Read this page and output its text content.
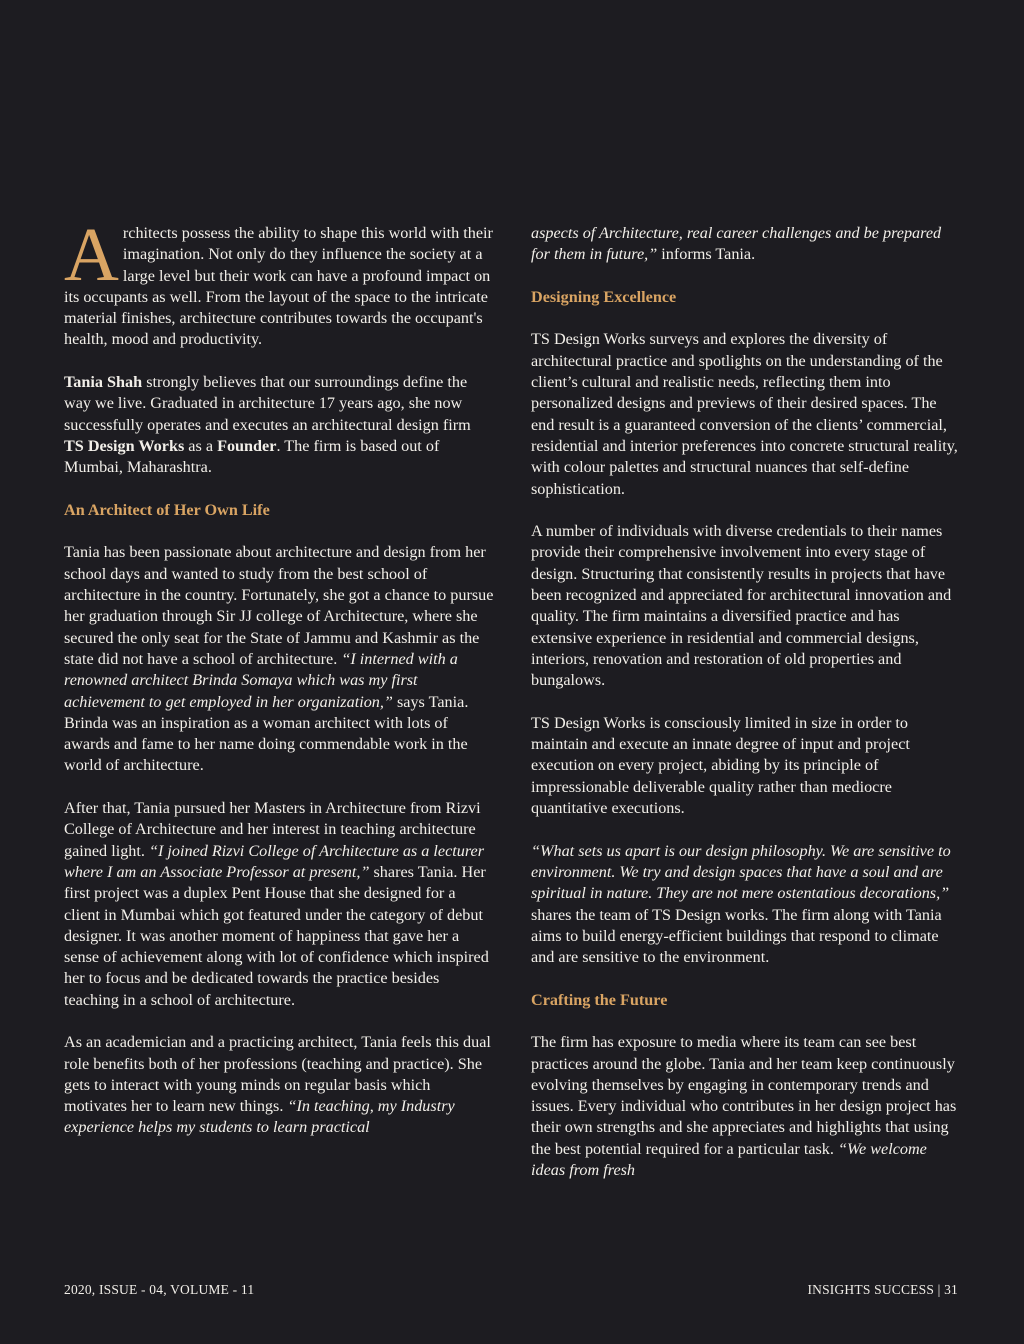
Architects possess the ability to shape this world with their imagination. Not only do they influence the society at a large level but their work can have a profound impact on its occupants as well. From the layout of the space to the intricate material finishes, architecture contributes towards the occupant's health, mood and productivity.

Tania Shah strongly believes that our surroundings define the way we live. Graduated in architecture 17 years ago, she now successfully operates and executes an architectural design firm TS Design Works as a Founder. The firm is based out of Mumbai, Maharashtra.

An Architect of Her Own Life

Tania has been passionate about architecture and design from her school days and wanted to study from the best school of architecture in the country. Fortunately, she got a chance to pursue her graduation through Sir JJ college of Architecture, where she secured the only seat for the State of Jammu and Kashmir as the state did not have a school of architecture. “I interned with a renowned architect Brinda Somaya which was my first achievement to get employed in her organization,” says Tania. Brinda was an inspiration as a woman architect with lots of awards and fame to her name doing commendable work in the world of architecture.

After that, Tania pursued her Masters in Architecture from Rizvi College of Architecture and her interest in teaching architecture gained light. “I joined Rizvi College of Architecture as a lecturer where I am an Associate Professor at present,” shares Tania. Her first project was a duplex Pent House that she designed for a client in Mumbai which got featured under the category of debut designer. It was another moment of happiness that gave her a sense of achievement along with lot of confidence which inspired her to focus and be dedicated towards the practice besides teaching in a school of architecture.

As an academician and a practicing architect, Tania feels this dual role benefits both of her professions (teaching and practice). She gets to interact with young minds on regular basis which motivates her to learn new things. “In teaching, my Industry experience helps my students to learn practical

aspects of Architecture, real career challenges and be prepared for them in future,” informs Tania.

Designing Excellence

TS Design Works surveys and explores the diversity of architectural practice and spotlights on the understanding of the client’s cultural and realistic needs, reflecting them into personalized designs and previews of their desired spaces. The end result is a guaranteed conversion of the clients’ commercial, residential and interior preferences into concrete structural reality, with colour palettes and structural nuances that self-define sophistication.

A number of individuals with diverse credentials to their names provide their comprehensive involvement into every stage of design. Structuring that consistently results in projects that have been recognized and appreciated for architectural innovation and quality. The firm maintains a diversified practice and has extensive experience in residential and commercial designs, interiors, renovation and restoration of old properties and bungalows.

TS Design Works is consciously limited in size in order to maintain and execute an innate degree of input and project execution on every project, abiding by its principle of impressionable deliverable quality rather than mediocre quantitative executions.

“What sets us apart is our design philosophy. We are sensitive to environment. We try and design spaces that have a soul and are spiritual in nature. They are not mere ostentatious decorations,” shares the team of TS Design works. The firm along with Tania aims to build energy-efficient buildings that respond to climate and are sensitive to the environment.

Crafting the Future

The firm has exposure to media where its team can see best practices around the globe. Tania and her team keep continuously evolving themselves by engaging in contemporary trends and issues. Every individual who contributes in her design project has their own strengths and she appreciates and highlights that using the best potential required for a particular task. “We welcome ideas from fresh

2020, ISSUE - 04, VOLUME - 11	INSIGHTS SUCCESS | 31
